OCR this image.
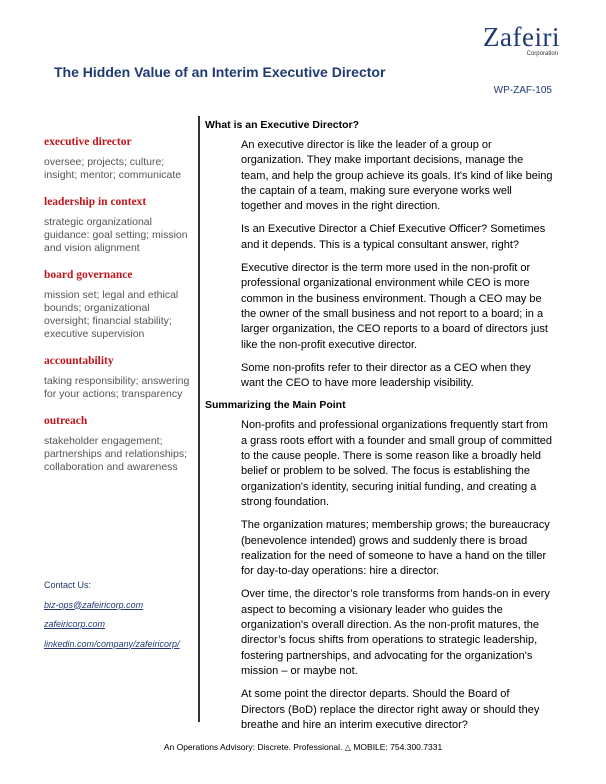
Zafeiri
Corporation
The Hidden Value of an Interim Executive Director
WP-ZAF-105
executive director
oversee; projects; culture; insight; mentor; communicate
leadership in context
strategic organizational guidance: goal setting; mission and vision alignment
board governance
mission set; legal and ethical bounds; organizational oversight; financial stability; executive supervision
accountability
taking responsibility; answering for your actions; transparency
outreach
stakeholder engagement; partnerships and relationships; collaboration and awareness
Contact Us:
biz-ops@zafeiricorp.com
zafeiricorp.com
linkedin.com/company/zafeiricorp/
What is an Executive Director?

An executive director is like the leader of a group or organization. They make important decisions, manage the team, and help the group achieve its goals. It's kind of like being the captain of a team, making sure everyone works well together and moves in the right direction.

Is an Executive Director a Chief Executive Officer? Sometimes and it depends. This is a typical consultant answer, right?

Executive director is the term more used in the non-profit or professional organizational environment while CEO is more common in the business environment. Though a CEO may be the owner of the small business and not report to a board; in a larger organization, the CEO reports to a board of directors just like the non-profit executive director.

Some non-profits refer to their director as a CEO when they want the CEO to have more leadership visibility.

Summarizing the Main Point

Non-profits and professional organizations frequently start from a grass roots effort with a founder and small group of committed to the cause people. There is some reason like a broadly held belief or problem to be solved. The focus is establishing the organization's identity, securing initial funding, and creating a strong foundation.

The organization matures; membership grows; the bureaucracy (benevolence intended) grows and suddenly there is broad realization for the need of someone to have a hand on the tiller for day-to-day operations: hire a director.

Over time, the director’s role transforms from hands-on in every aspect to becoming a visionary leader who guides the organization's overall direction. As the non-profit matures, the director’s focus shifts from operations to strategic leadership, fostering partnerships, and advocating for the organization's mission – or maybe not.

At some point the director departs. Should the Board of Directors (BoD) replace the director right away or should they breathe and hire an interim executive director?

An Operations Advisory: Discrete. Professional. △ MOBILE: 754.300.7331
